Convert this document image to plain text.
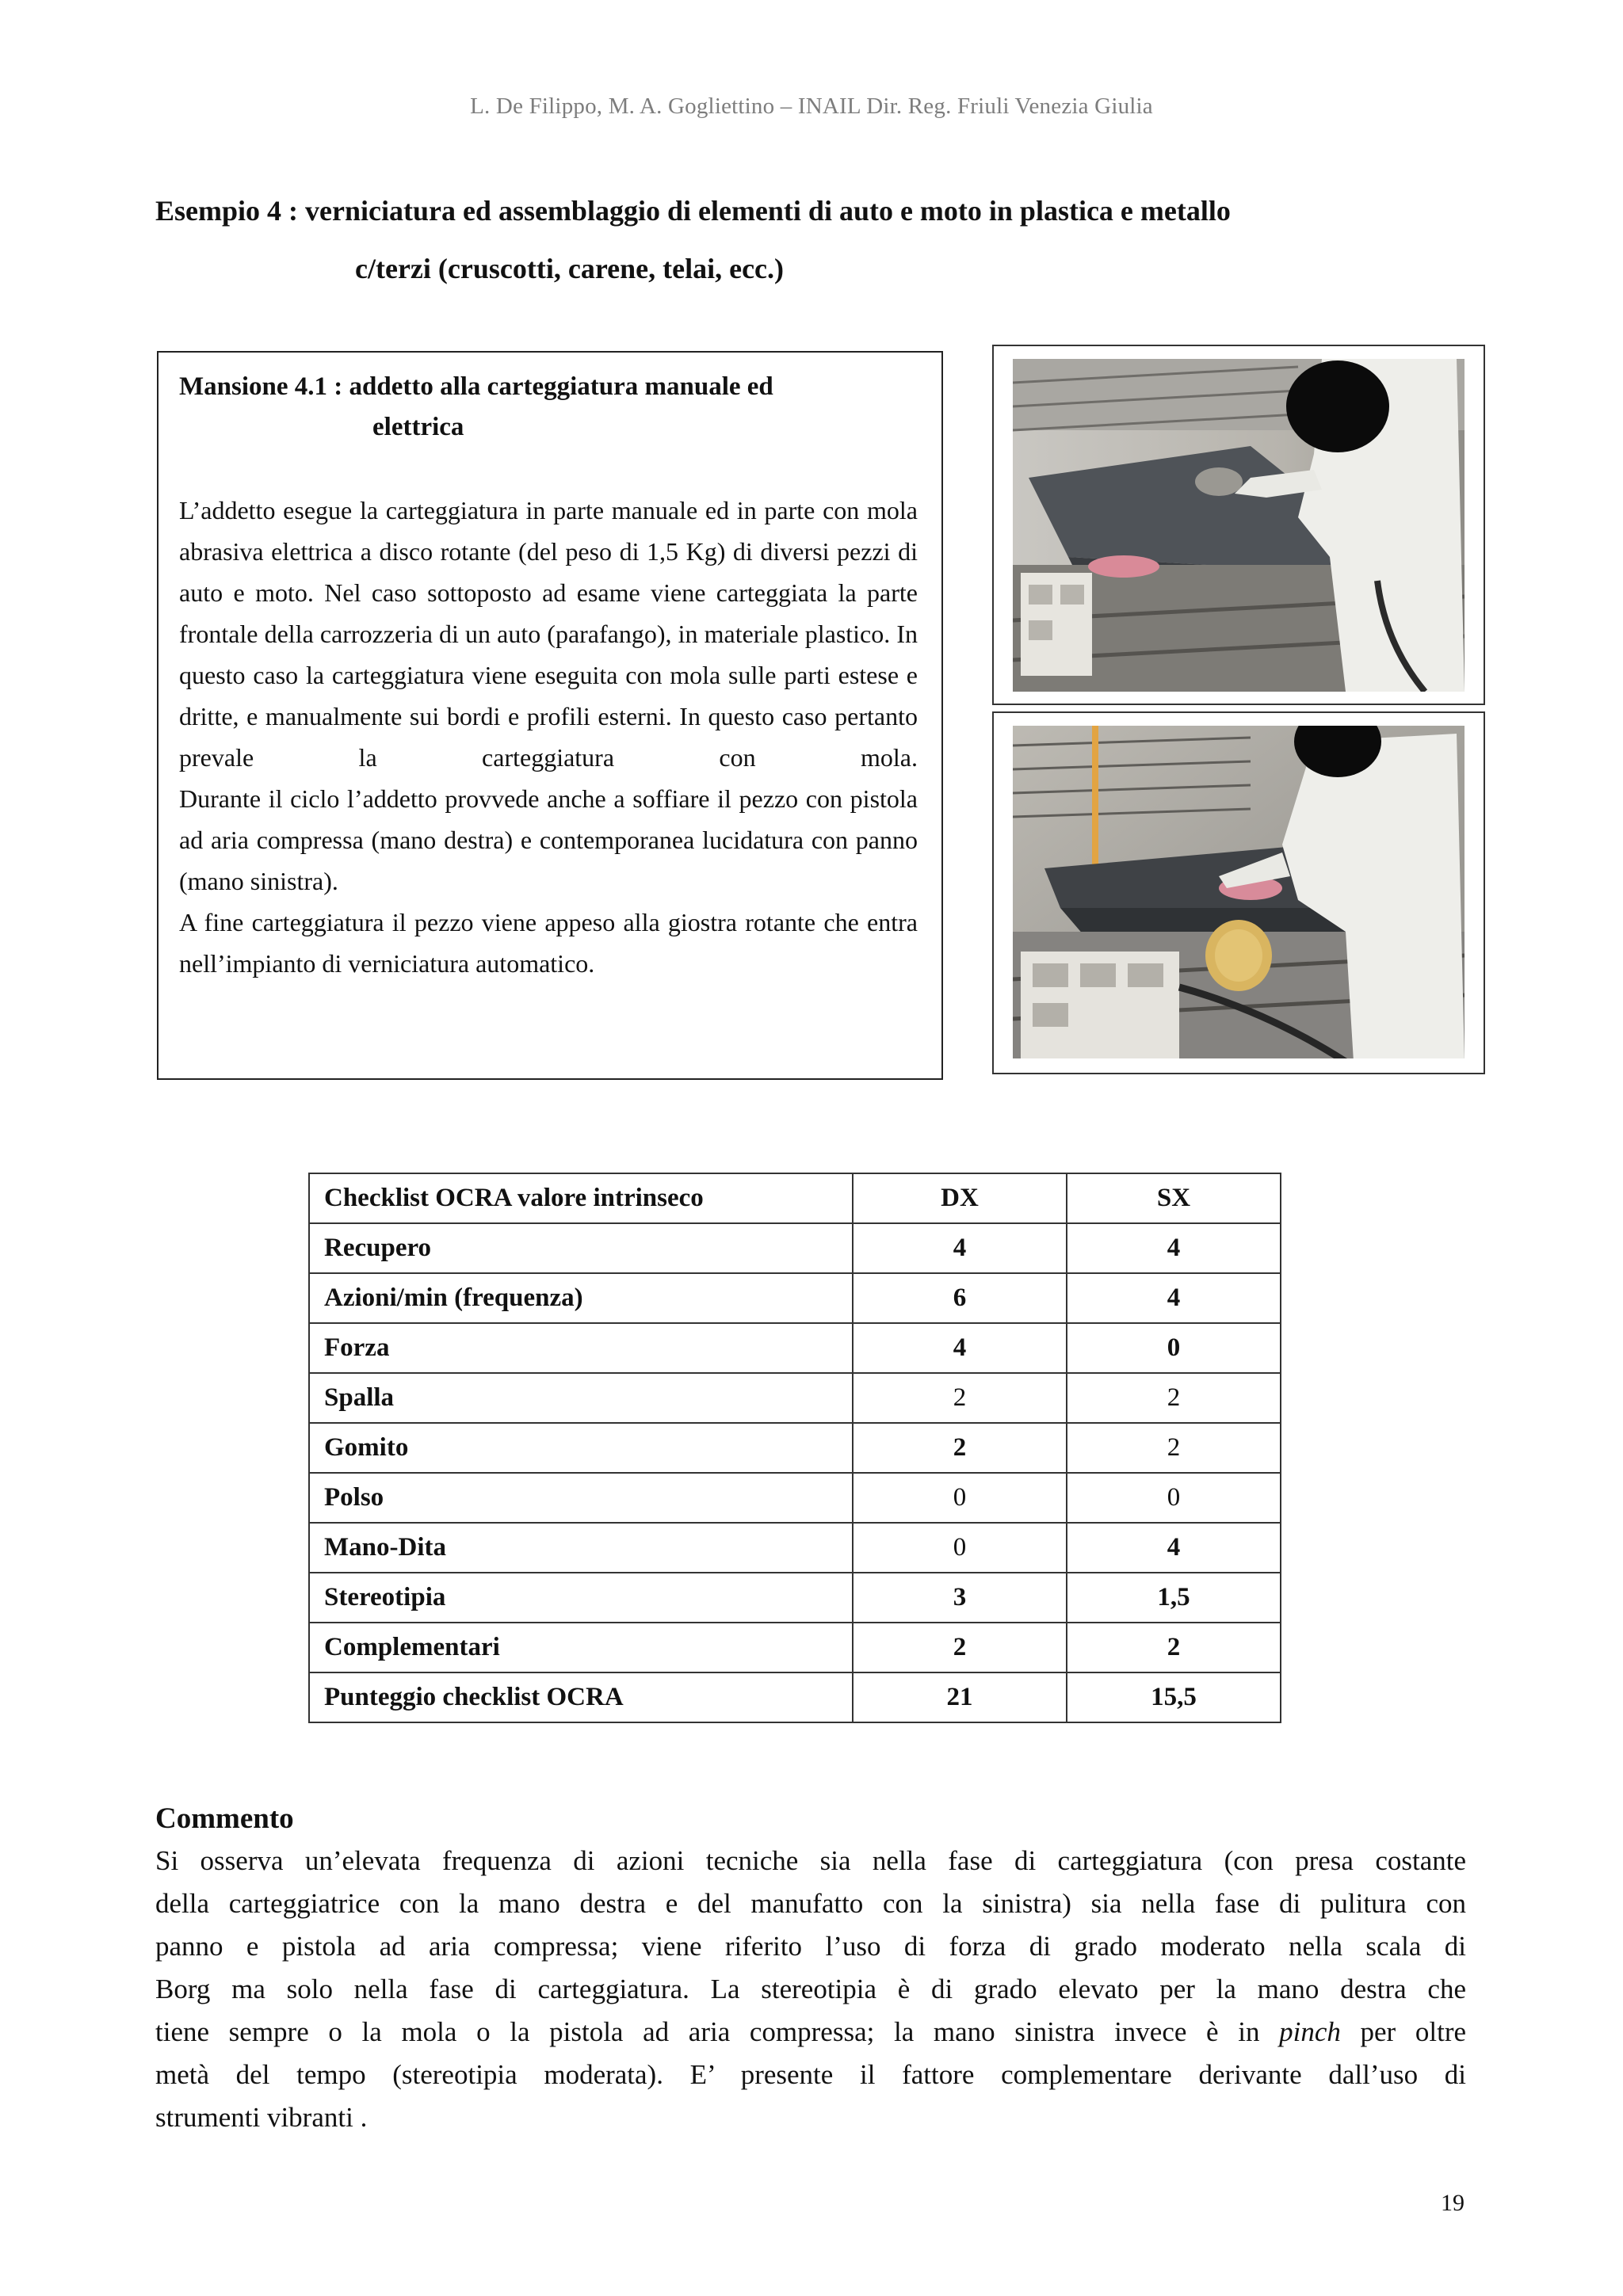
L. De Filippo, M. A. Gogliettino – INAIL Dir. Reg. Friuli Venezia Giulia
Esempio 4 : verniciatura ed assemblaggio di elementi di auto e moto in plastica e metallo
c/terzi (cruscotti, carene, telai, ecc.)
Mansione 4.1 : addetto alla carteggiatura manuale ed
elettrica

L’addetto esegue la carteggiatura in parte manuale ed in parte con mola abrasiva elettrica a disco rotante (del peso di 1,5 Kg) di diversi pezzi di auto e moto. Nel caso sottoposto ad esame viene carteggiata la parte frontale della carrozzeria di un auto (parafango), in materiale plastico. In questo caso la carteggiatura viene eseguita con mola sulle parti estese e dritte, e manualmente sui bordi e profili esterni. In questo caso pertanto prevale la carteggiatura con mola.

Durante il ciclo l’addetto provvede anche a soffiare il pezzo con pistola ad aria compressa (mano destra) e contemporanea lucidatura con panno (mano sinistra).

A fine carteggiatura il pezzo viene appeso alla giostra rotante che entra nell’impianto di verniciatura automatico.

Checklist OCRA valore intrinseco	DX	SX
Recupero	4	4
Azioni/min (frequenza)	6	4
Forza	4	0
Spalla	2	2
Gomito	2	2
Polso	0	0
Mano-Dita	0	4
Stereotipia	3	1,5
Complementari	2	2
Punteggio checklist OCRA	21	15,5
Commento
Si osserva un’elevata frequenza di azioni tecniche sia nella fase di carteggiatura (con presa costante
della carteggiatrice con la mano destra e del manufatto con la sinistra) sia nella fase di pulitura con
panno e pistola ad aria compressa; viene riferito l’uso di forza di grado moderato nella scala di
Borg ma solo nella fase di carteggiatura. La stereotipia è di grado elevato per la mano destra che
tiene sempre o la mola o la pistola ad aria compressa; la mano sinistra invece è in pinch per oltre
metà del tempo (stereotipia moderata). E’ presente il fattore complementare derivante dall’uso di
strumenti vibranti .
19
